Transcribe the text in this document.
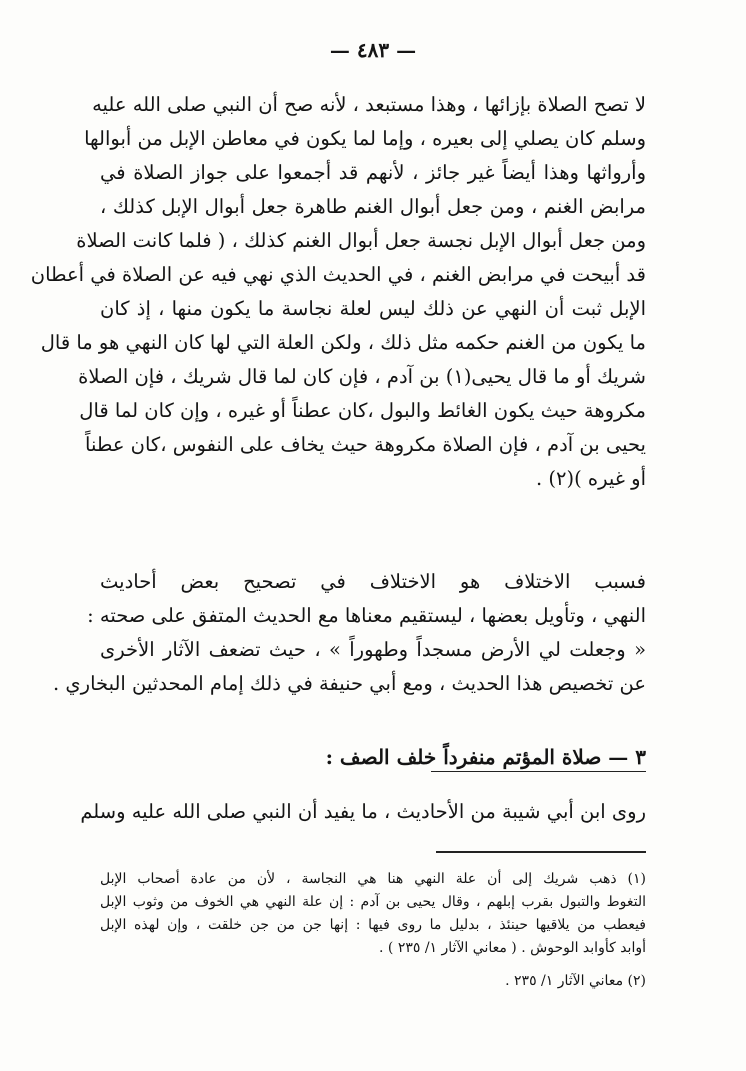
— ٤٨٣ —
لا تصح الصلاة بإزائها ، وهذا مستبعد ، لأنه صح أن النبي صلى الله عليه
وسلم كان يصلي إلى بعيره ، وإما لما يكون في معاطن الإبل من أبوالها
وأرواثها وهذا أيضاً غير جائز ، لأنهم قد أجمعوا على جواز الصلاة في
مرابض الغنم ، ومن جعل أبوال الغنم طاهرة جعل أبوال الإبل كذلك ،
ومن جعل أبوال الإبل نجسة جعل أبوال الغنم كذلك ، ( فلما كانت الصلاة
قد أبيحت في مرابض الغنم ، في الحديث الذي نهي فيه عن الصلاة في أعطان
الإبل ثبت أن النهي عن ذلك ليس لعلة نجاسة ما يكون منها ، إذ كان
ما يكون من الغنم حكمه مثل ذلك ، ولكن العلة التي لها كان النهي هو ما قال
شريك أو ما قال يحيى(١) بن آدم ، فإن كان لما قال شريك ، فإن الصلاة
مكروهة حيث يكون الغائط والبول ،كان عطناً أو غيره ، وإن كان لما قال
يحيى بن آدم ، فإن الصلاة مكروهة حيث يخاف على النفوس ،كان عطناً
أو غيره )(٢) .
فسبب الاختلاف هو الاختلاف في تصحيح بعض أحاديث
النهي ، وتأويل بعضها ، ليستقيم معناها مع الحديث المتفق على صحته :
« وجعلت لي الأرض مسجداً وطهوراً » ، حيث تضعف الآثار الأخرى
عن تخصيص هذا الحديث ، ومع أبي حنيفة في ذلك إمام المحدثين البخاري .
٣ — صلاة المؤتم منفرداً خلف الصف :
روى ابن أبي شيبة من الأحاديث ، ما يفيد أن النبي صلى الله عليه وسلم
(١) ذهب شريك إلى أن علة النهي هنا هي النجاسة ، لأن من عادة أصحاب الإبل
التغوط والتبول بقرب إبلهم ، وقال يحيى بن آدم : إن علة النهي هي الخوف من وثوب الإبل
فيعطب من يلاقيها حينئذ ، بدليل ما روى فيها : إنها جن من جن خلقت ، وإن لهذه الإبل
أوابد كأوابد الوحوش . ( معاني الآثار ١/ ٢٣٥ ) .
(٢) معاني الآثار ١/ ٢٣٥ .
